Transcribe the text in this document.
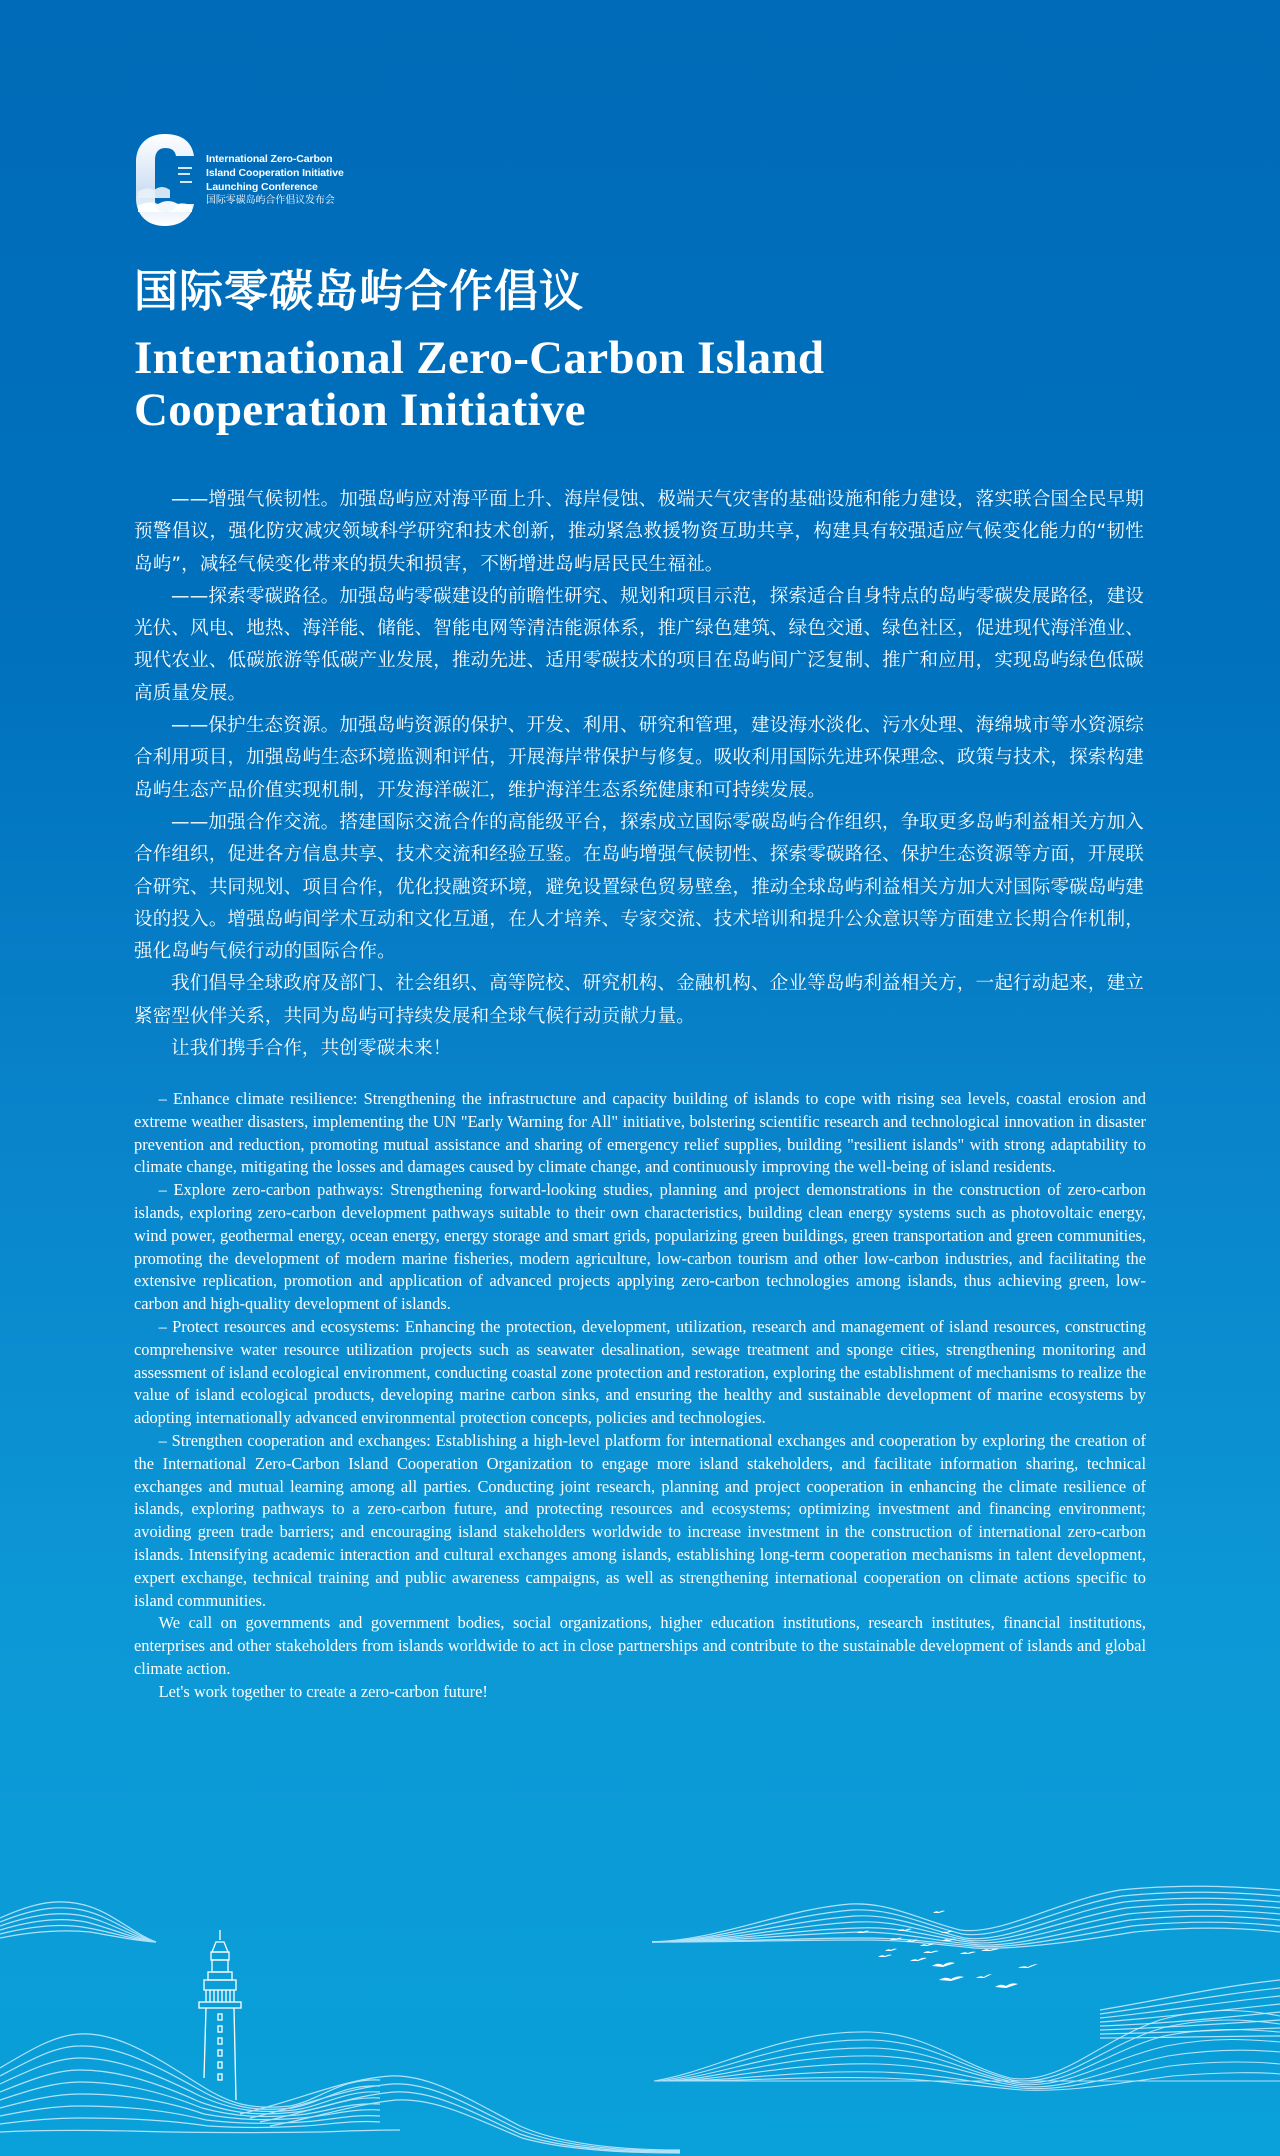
International Zero-Carbon
Island Cooperation Initiative
Launching Conference
国际零碳岛屿合作倡议发布会
国际零碳岛屿合作倡议
International Zero-Carbon Island
Cooperation Initiative

——增强气候韧性。加强岛屿应对海平面上升、海岸侵蚀、极端天气灾害的基础设施和能力建设，落实联合国全民早期预警倡议，强化防灾减灾领域科学研究和技术创新，推动紧急救援物资互助共享，构建具有较强适应气候变化能力的“韧性岛屿”，减轻气候变化带来的损失和损害，不断增进岛屿居民民生福祉。

——探索零碳路径。加强岛屿零碳建设的前瞻性研究、规划和项目示范，探索适合自身特点的岛屿零碳发展路径，建设光伏、风电、地热、海洋能、储能、智能电网等清洁能源体系，推广绿色建筑、绿色交通、绿色社区，促进现代海洋渔业、现代农业、低碳旅游等低碳产业发展，推动先进、适用零碳技术的项目在岛屿间广泛复制、推广和应用，实现岛屿绿色低碳高质量发展。

——保护生态资源。加强岛屿资源的保护、开发、利用、研究和管理，建设海水淡化、污水处理、海绵城市等水资源综合利用项目，加强岛屿生态环境监测和评估，开展海岸带保护与修复。吸收利用国际先进环保理念、政策与技术，探索构建岛屿生态产品价值实现机制，开发海洋碳汇，维护海洋生态系统健康和可持续发展。

——加强合作交流。搭建国际交流合作的高能级平台，探索成立国际零碳岛屿合作组织，争取更多岛屿利益相关方加入合作组织，促进各方信息共享、技术交流和经验互鉴。在岛屿增强气候韧性、探索零碳路径、保护生态资源等方面，开展联合研究、共同规划、项目合作，优化投融资环境，避免设置绿色贸易壁垒，推动全球岛屿利益相关方加大对国际零碳岛屿建设的投入。增强岛屿间学术互动和文化互通，在人才培养、专家交流、技术培训和提升公众意识等方面建立长期合作机制，强化岛屿气候行动的国际合作。

我们倡导全球政府及部门、社会组织、高等院校、研究机构、金融机构、企业等岛屿利益相关方，一起行动起来，建立紧密型伙伴关系，共同为岛屿可持续发展和全球气候行动贡献力量。

让我们携手合作，共创零碳未来！

– Enhance climate resilience: Strengthening the infrastructure and capacity building of islands to cope with rising sea levels, coastal erosion and extreme weather disasters, implementing the UN "Early Warning for All" initiative, bolstering scientific research and technological innovation in disaster prevention and reduction, promoting mutual assistance and sharing of emergency relief supplies, building "resilient islands" with strong adaptability to climate change, mitigating the losses and damages caused by climate change, and continuously improving the well-being of island residents.

– Explore zero-carbon pathways: Strengthening forward-looking studies, planning and project demonstrations in the construction of zero-carbon islands, exploring zero-carbon development pathways suitable to their own characteristics, building clean energy systems such as photovoltaic energy, wind power, geothermal energy, ocean energy, energy storage and smart grids, popularizing green buildings, green transportation and green communities, promoting the development of modern marine fisheries, modern agriculture, low-carbon tourism and other low-carbon industries, and facilitating the extensive replication, promotion and application of advanced projects applying zero-carbon technologies among islands, thus achieving green, low-carbon and high-quality development of islands.

– Protect resources and ecosystems: Enhancing the protection, development, utilization, research and management of island resources, constructing comprehensive water resource utilization projects such as seawater desalination, sewage treatment and sponge cities, strengthening monitoring and assessment of island ecological environment, conducting coastal zone protection and restoration, exploring the establishment of mechanisms to realize the value of island ecological products, developing marine carbon sinks, and ensuring the healthy and sustainable development of marine ecosystems by adopting internationally advanced environmental protection concepts, policies and technologies.

– Strengthen cooperation and exchanges: Establishing a high-level platform for international exchanges and cooperation by exploring the creation of the International Zero-Carbon Island Cooperation Organization to engage more island stakeholders, and facilitate information sharing, technical exchanges and mutual learning among all parties. Conducting joint research, planning and project cooperation in enhancing the climate resilience of islands, exploring pathways to a zero-carbon future, and protecting resources and ecosystems; optimizing investment and financing environment; avoiding green trade barriers; and encouraging island stakeholders worldwide to increase investment in the construction of international zero-carbon islands. Intensifying academic interaction and cultural exchanges among islands, establishing long-term cooperation mechanisms in talent development, expert exchange, technical training and public awareness campaigns, as well as strengthening international cooperation on climate actions specific to island communities.

We call on governments and government bodies, social organizations, higher education institutions, research institutes, financial institutions, enterprises and other stakeholders from islands worldwide to act in close partnerships and contribute to the sustainable development of islands and global climate action.

Let's work together to create a zero-carbon future!
